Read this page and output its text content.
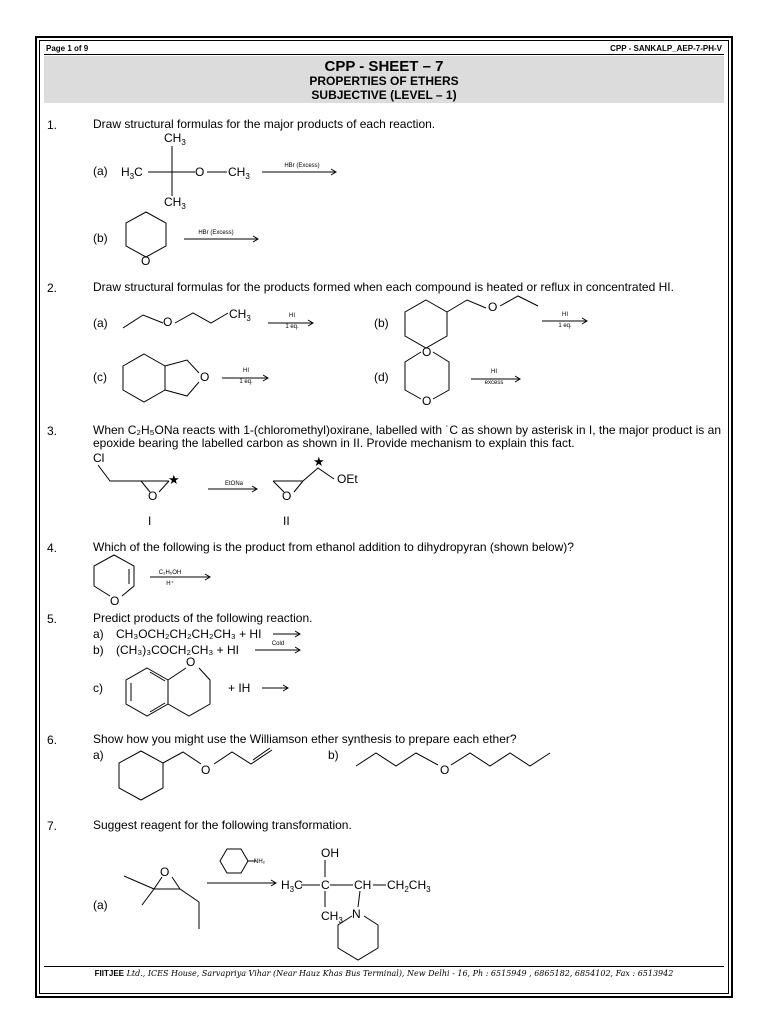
Page 1 of 9	CPP - SANKALP_AEP-7-PH-V
CPP - SHEET – 7
PROPERTIES OF ETHERS
SUBJECTIVE (LEVEL – 1)
1.	Draw structural formulas for the major products of each reaction.
(a)
(b)
HBr (Excess)
HBr (Excess)
$CH_3$
$H_3C$	O $CH_3$
$CH_3$
O
2.	Draw structural formulas for the products formed when each compound is heated or reflux in concentrated HI.
(a)	(b)
(c)	(d)
HI
1 eq.
HI
1 eq.
HI
1 eq.
HI
excess
O
$CH_3$
O
O
O
O
3.	When C₂H₅ONa reacts with 1-(chloromethyl)oxirane, labelled with ˙C as shown by asterisk in I, the major product is an epoxide bearing the labelled carbon as shown in II. Provide mechanism to explain this fact.
Cl
OEt
EtONa
I	II
O	O
★
★
4.	Which of the following is the product from ethanol addition to dihydropyran (shown below)?
C₂H₅OH
H⁺
O
5.	Predict products of the following reaction.
a) CH₃OCH₂CH₂CH₂CH₃ + HI
b) (CH₃)₃COCH₂CH₃ + HI	Cold
c)	+ IH
O
6.	Show how you might use the Williamson ether synthesis to prepare each ether?
a)	b)
O	O
7.	Suggest reagent for the following transformation.
(a)
NH₂
O
OH
$H_3C$ C CH $CH_2CH_3$
$CH_3$ N
FIITJEE Ltd., ICES House, Sarvapriya Vihar (Near Hauz Khas Bus Terminal), New Delhi - 16, Ph : 6515949 , 6865182, 6854102, Fax : 6513942
